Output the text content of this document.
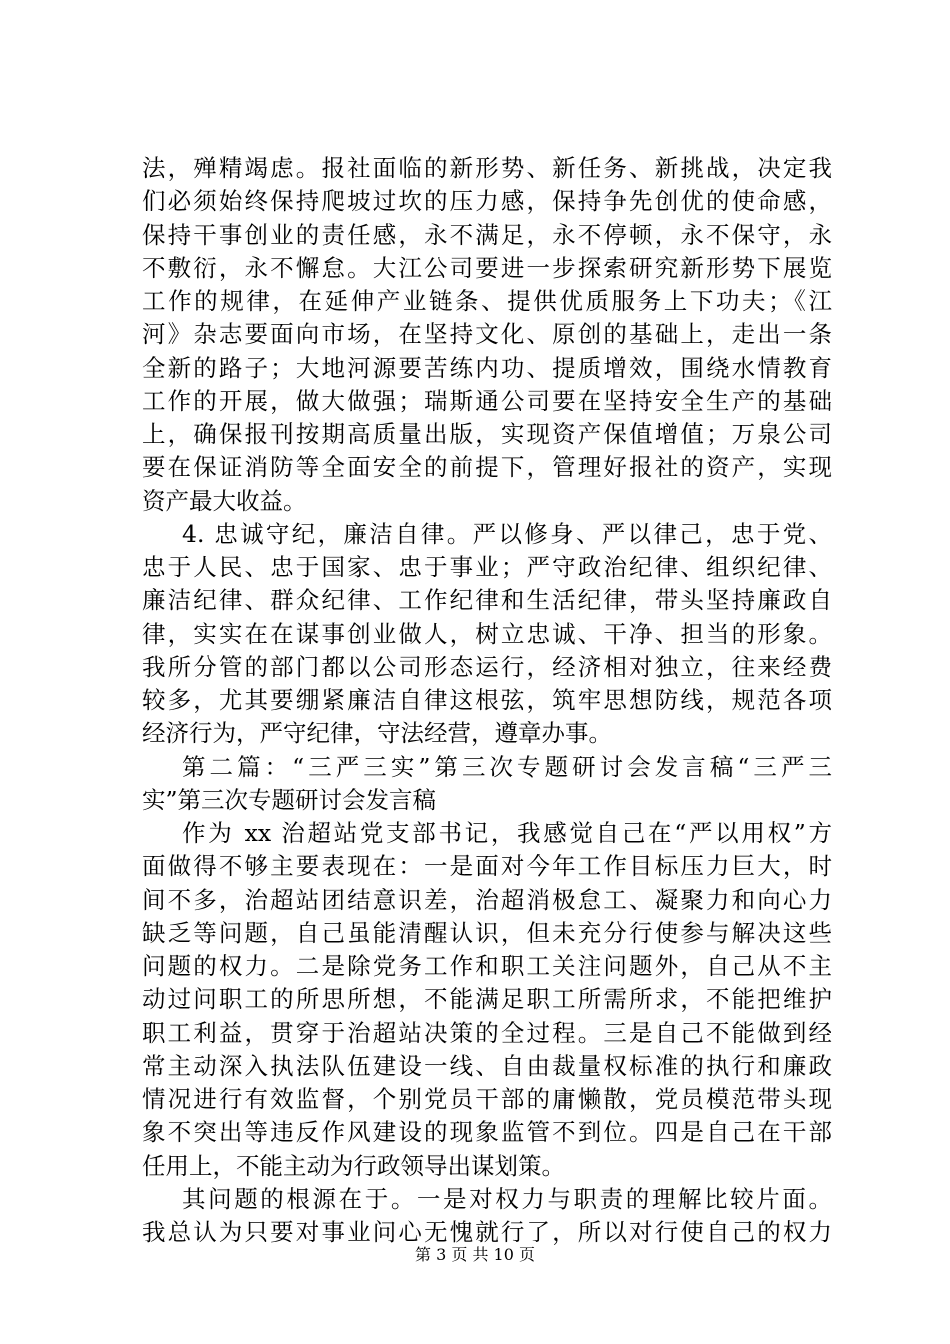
法，殚精竭虑。报社面临的新形势、新任务、新挑战，决定我
们必须始终保持爬坡过坎的压力感，保持争先创优的使命感，
保持干事创业的责任感，永不满足，永不停顿，永不保守，永
不敷衍，永不懈怠。大江公司要进一步探索研究新形势下展览
工作的规律，在延伸产业链条、提供优质服务上下功夫；《江
河》杂志要面向市场，在坚持文化、原创的基础上，走出一条
全新的路子；大地河源要苦练内功、提质增效，围绕水情教育
工作的开展，做大做强；瑞斯通公司要在坚持安全生产的基础
上，确保报刊按期高质量出版，实现资产保值增值；万泉公司
要在保证消防等全面安全的前提下，管理好报社的资产，实现
资产最大收益。
4. 忠诚守纪，廉洁自律。严以修身、严以律己，忠于党、
忠于人民、忠于国家、忠于事业；严守政治纪律、组织纪律、
廉洁纪律、群众纪律、工作纪律和生活纪律，带头坚持廉政自
律，实实在在谋事创业做人，树立忠诚、干净、担当的形象。
我所分管的部门都以公司形态运行，经济相对独立，往来经费
较多，尤其要绷紧廉洁自律这根弦，筑牢思想防线，规范各项
经济行为，严守纪律，守法经营，遵章办事。
第二篇：“三严三实”第三次专题研讨会发言稿“三严三
实”第三次专题研讨会发言稿
作为 xx 治超站党支部书记，我感觉自己在“严以用权”方
面做得不够主要表现在：一是面对今年工作目标压力巨大，时
间不多，治超站团结意识差，治超消极怠工、凝聚力和向心力
缺乏等问题，自己虽能清醒认识，但未充分行使参与解决这些
问题的权力。二是除党务工作和职工关注问题外，自己从不主
动过问职工的所思所想，不能满足职工所需所求，不能把维护
职工利益，贯穿于治超站决策的全过程。三是自己不能做到经
常主动深入执法队伍建设一线、自由裁量权标准的执行和廉政
情况进行有效监督，个别党员干部的庸懒散，党员模范带头现
象不突出等违反作风建设的现象监管不到位。四是自己在干部
任用上，不能主动为行政领导出谋划策。
其问题的根源在于。一是对权力与职责的理解比较片面。
我总认为只要对事业问心无愧就行了，所以对行使自己的权力
第 3 页 共 10 页
